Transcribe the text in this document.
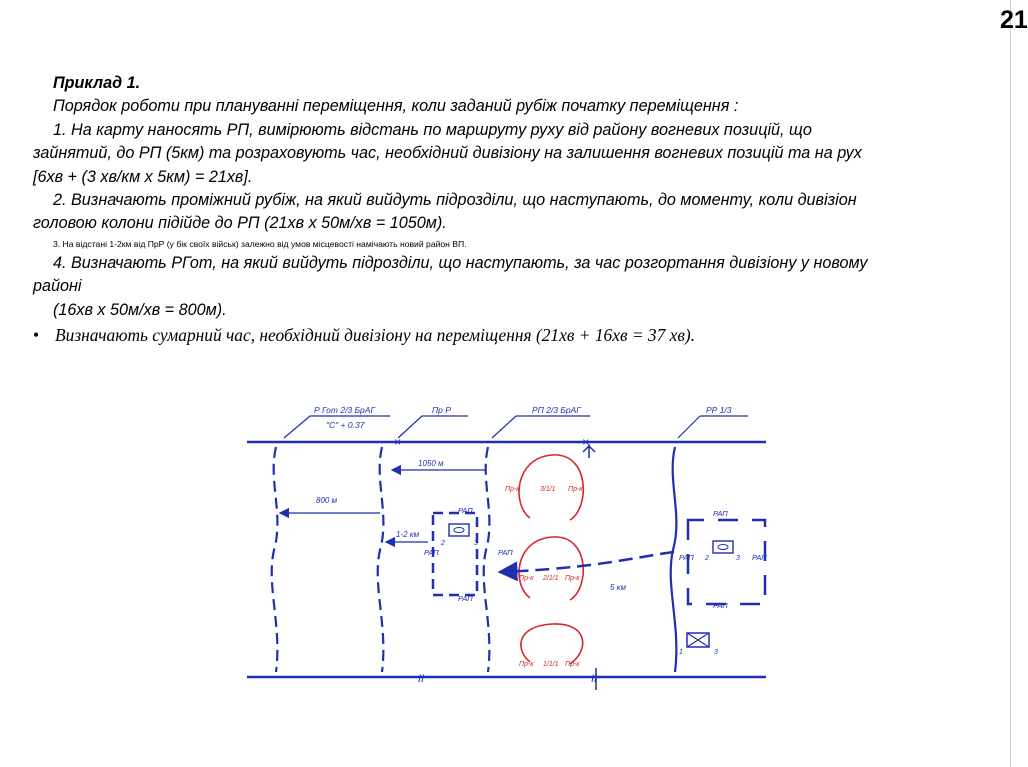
21
Приклад 1.
Порядок роботи при плануванні переміщення, коли заданий рубіж початку переміщення :
1. На карту наносять РП, вимірюють відстань по маршруту руху від району вогневих позицій, що
зайнятий, до РП (5км) та розраховують час, необхідний дивізіону на залишення вогневих позицій та на рух
[6хв + (3 хв/км х 5км) = 21хв].
2. Визначають проміжний рубіж, на який вийдуть підрозділи, що наступають, до моменту, коли дивізіон
головою колони підійде до РП (21хв х 50м/хв = 1050м).
3. На відстані 1-2км від ПрР (у бік своїх військ) залежно від умов місцевості намічають новий район ВП.
4. Визначають РГот, на який вийдуть підрозділи, що наступають, за час розгортання дивізіону у новому
районі
(16хв х 50м/хв = 800м).
• Визначають сумарний час, необхідний дивізіону на переміщення (21хв + 16хв = 37 хв).
II	II
Р Гот 2/3 БрАГ
"С" + 0.37
Пр Р	РП 2/3 БрАГ	РР 1/3
×	×
1050 м
800 м
1-2 км
2	3
РАП
РАП	РАП
РАП
3/1/1
Пр-к	Пр-к
2/1/1
Пр-к	Пр-к
1/1/1
Пр-к	Пр-к
5 км
2	3
РАП
РАП	РАП
РАП
1	3
